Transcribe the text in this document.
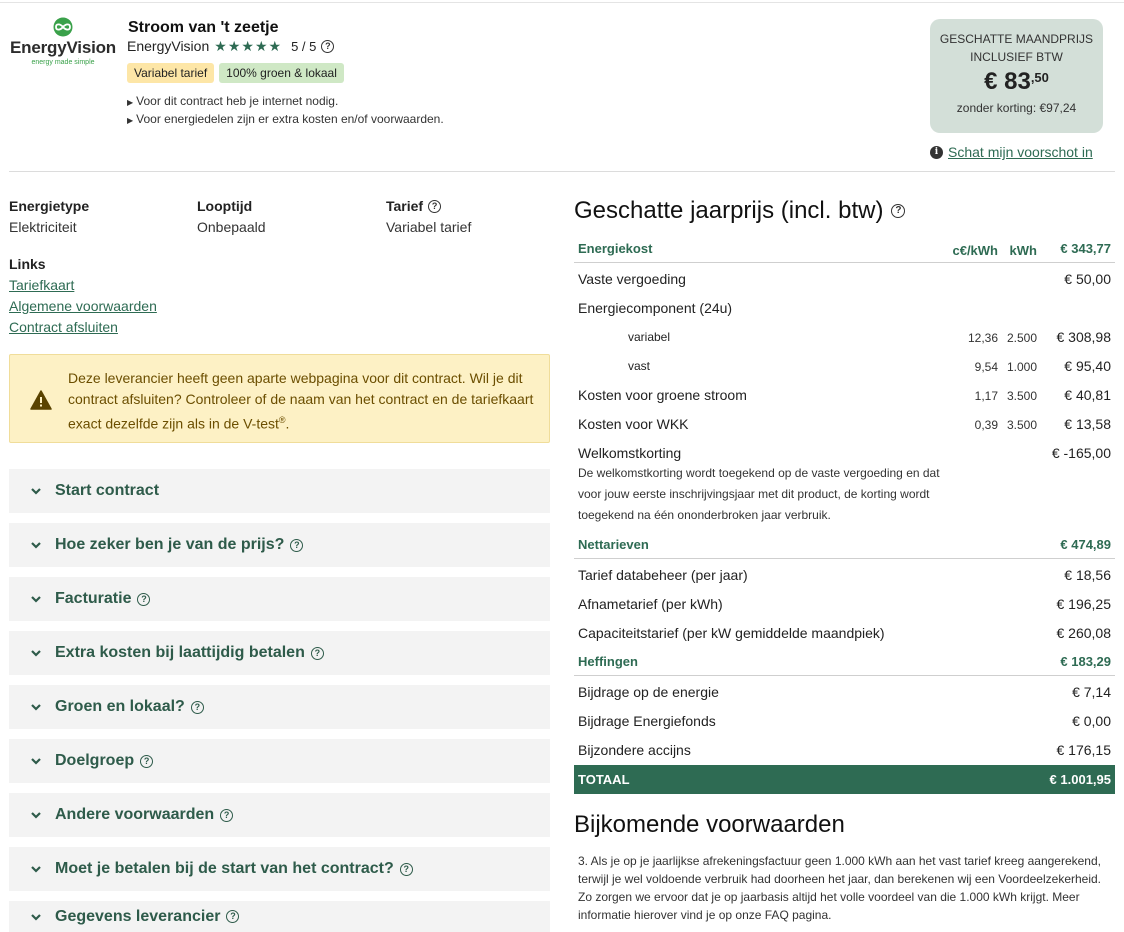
EnergyVision
energy made simple
Stroom van 't zeetje
EnergyVision ★ ★ ★ ★ ★ 5 / 5 ?
Variabel tarief	100% groen & lokaal
▶ Voor dit contract heb je internet nodig.
▶ Voor energiedelen zijn er extra kosten en/of voorwaarden.
GESCHATTE MAANDPRIJS
INCLUSIEF BTW
€ $83^{,50}$
zonder korting: €97,24
i Schat mijn voorschot in
Energietype
Elektriciteit
Looptijd
Onbepaald
Tarief ?
Variabel tarief
Links
Tariefkaart
Algemene voorwaarden
Contract afsluiten
Deze leverancier heeft geen aparte webpagina voor dit contract. Wil je dit contract afsluiten? Controleer of de naam van het contract en de tariefkaart exact dezelfde zijn als in de V-test®.
Start contract
Hoe zeker ben je van de prijs?	?
Facturatie	?
Extra kosten bij laattijdig betalen	?
Groen en lokaal?	?
Doelgroep	?
Andere voorwaarden	?
Moet je betalen bij de start van het contract?	?
Gegevens leverancier	?
Geschatte jaarprijs (incl. btw)	?
Energiekost	c€/kWh kWh € 343,77
Vaste vergoeding	€ 50,00
Energiecomponent (24u)
variabel	12,36 2.500 € 308,98
vast	9,54 1.000 € 95,40
Kosten voor groene stroom	1,17 3.500 € 40,81
Kosten voor WKK	0,39 3.500 € 13,58
Welkomstkorting	€ -165,00
De welkomstkorting wordt toegekend op de vaste vergoeding en dat voor jouw eerste inschrijvingsjaar met dit product, de korting wordt toegekend na één ononderbroken jaar verbruik.
Nettarieven	€ 474,89
Tarief databeheer (per jaar)	€ 18,56
Afnametarief (per kWh)	€ 196,25
Capaciteitstarief (per kW gemiddelde maandpiek)	€ 260,08
Heffingen	€ 183,29
Bijdrage op de energie	€ 7,14
Bijdrage Energiefonds	€ 0,00
Bijzondere accijns	€ 176,15
TOTAAL	€ 1.001,95
Bijkomende voorwaarden
3. Als je op je jaarlijkse afrekeningsfactuur geen 1.000 kWh aan het vast tarief kreeg aangerekend, terwijl je wel voldoende verbruik had doorheen het jaar, dan berekenen wij een Voordeelzekerheid. Zo zorgen we ervoor dat je op jaarbasis altijd het volle voordeel van die 1.000 kWh krijgt. Meer informatie hierover vind je op onze FAQ pagina.
